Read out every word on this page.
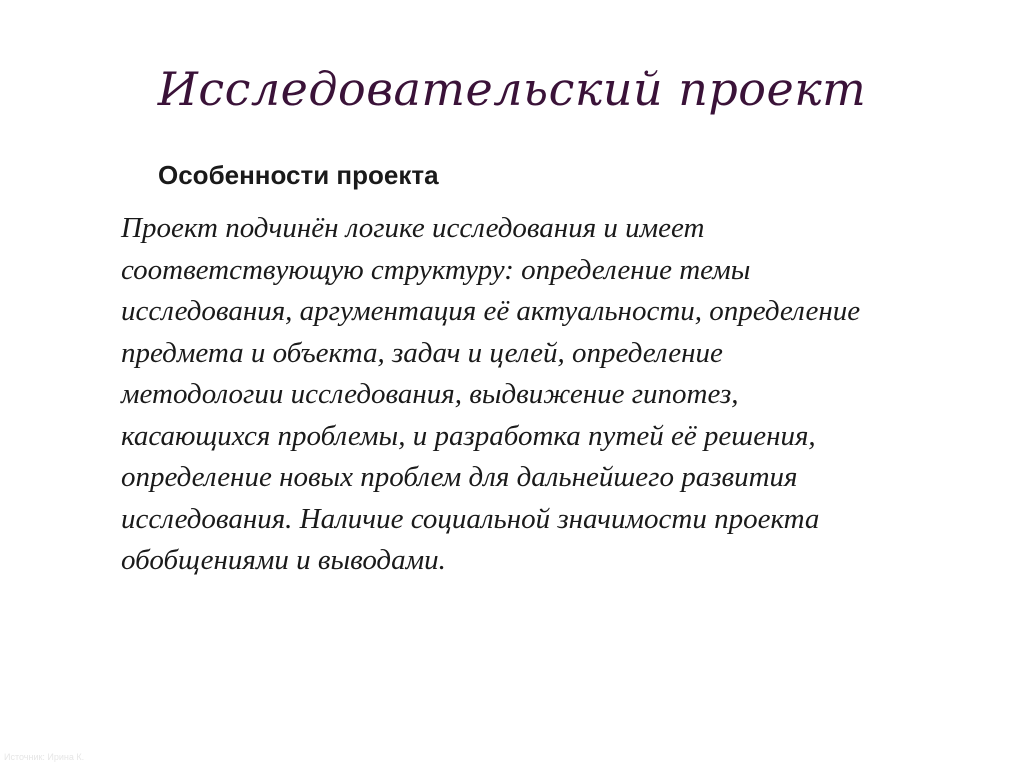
Исследовательский проект
Особенности проекта

Проект подчинён логике исследования и имеет
соответствующую структуру: определение темы
исследования, аргументация её актуальности, определение
предмета и объекта, задач и целей, определение
методологии исследования, выдвижение гипотез,
касающихся проблемы, и разработка путей её решения,
определение новых проблем для дальнейшего развития
исследования. Наличие социальной значимости проекта
обобщениями и выводами.

Источник: Ирина К.
